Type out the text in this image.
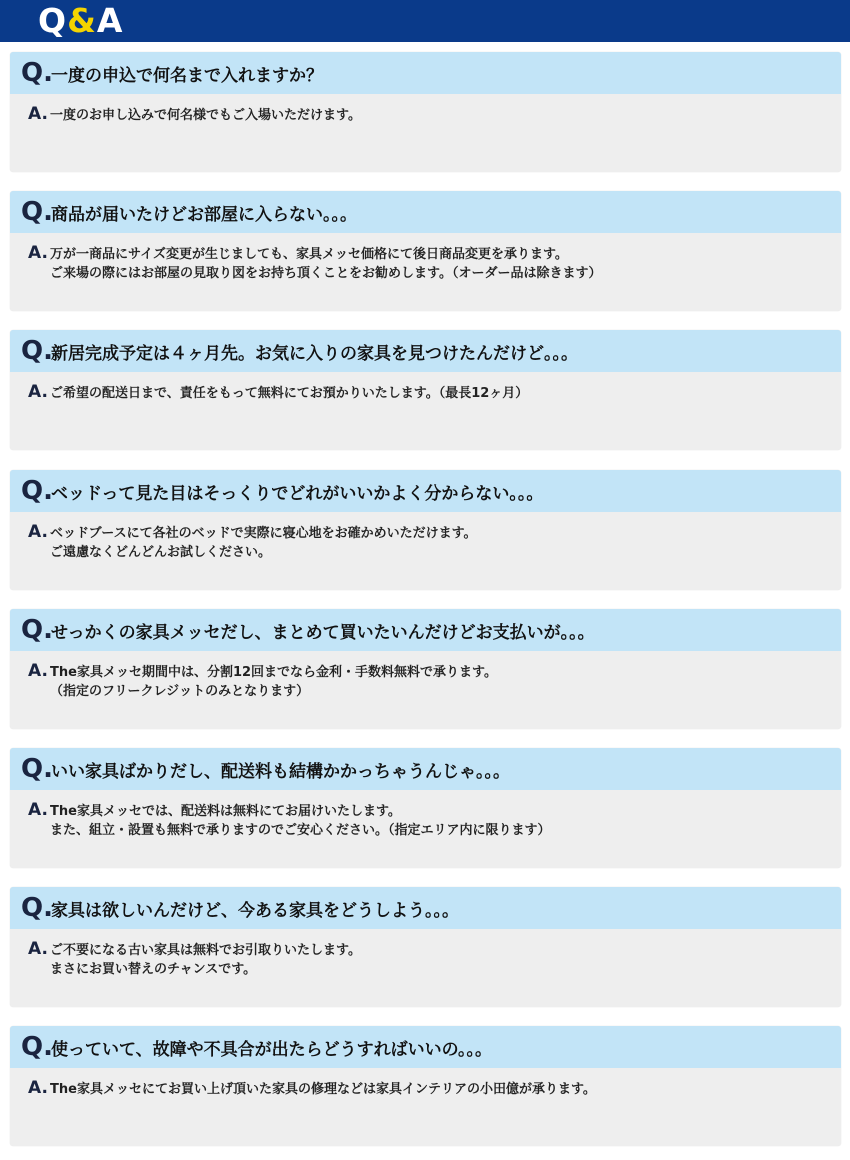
Q&A
Q.
一度の申込で何名まで入れますか？
A. 一度のお申し込みで何名様でもご入場いただけます。
Q.
商品が届いたけどお部屋に入らない。。。
A. 万が一商品にサイズ変更が生じましても、家具メッセ価格にて後日商品変更を承ります。
ご来場の際にはお部屋の見取り図をお持ち頂くことをお勧めします。（オーダー品は除きます）
Q.
新居完成予定は４ヶ月先。お気に入りの家具を見つけたんだけど。。。
A. ご希望の配送日まで、責任をもって無料にてお預かりいたします。（最長12ヶ月）
Q.
ベッドって見た目はそっくりでどれがいいかよく分からない。。。
A. ベッドブースにて各社のベッドで実際に寝心地をお確かめいただけます。
ご遠慮なくどんどんお試しください。
Q.
せっかくの家具メッセだし、まとめて買いたいんだけどお支払いが。。。
A. The家具メッセ期間中は、分割12回までなら金利・手数料無料で承ります。
（指定のフリークレジットのみとなります）
Q.
いい家具ばかりだし、配送料も結構かかっちゃうんじゃ。。。
A. The家具メッセでは、配送料は無料にてお届けいたします。
また、組立・設置も無料で承りますのでご安心ください。（指定エリア内に限ります）
Q.
家具は欲しいんだけど、今ある家具をどうしよう。。。
A. ご不要になる古い家具は無料でお引取りいたします。
まさにお買い替えのチャンスです。
Q.
使っていて、故障や不具合が出たらどうすればいいの。。。
A. The家具メッセにてお買い上げ頂いた家具の修理などは家具インテリアの小田億が承ります。
